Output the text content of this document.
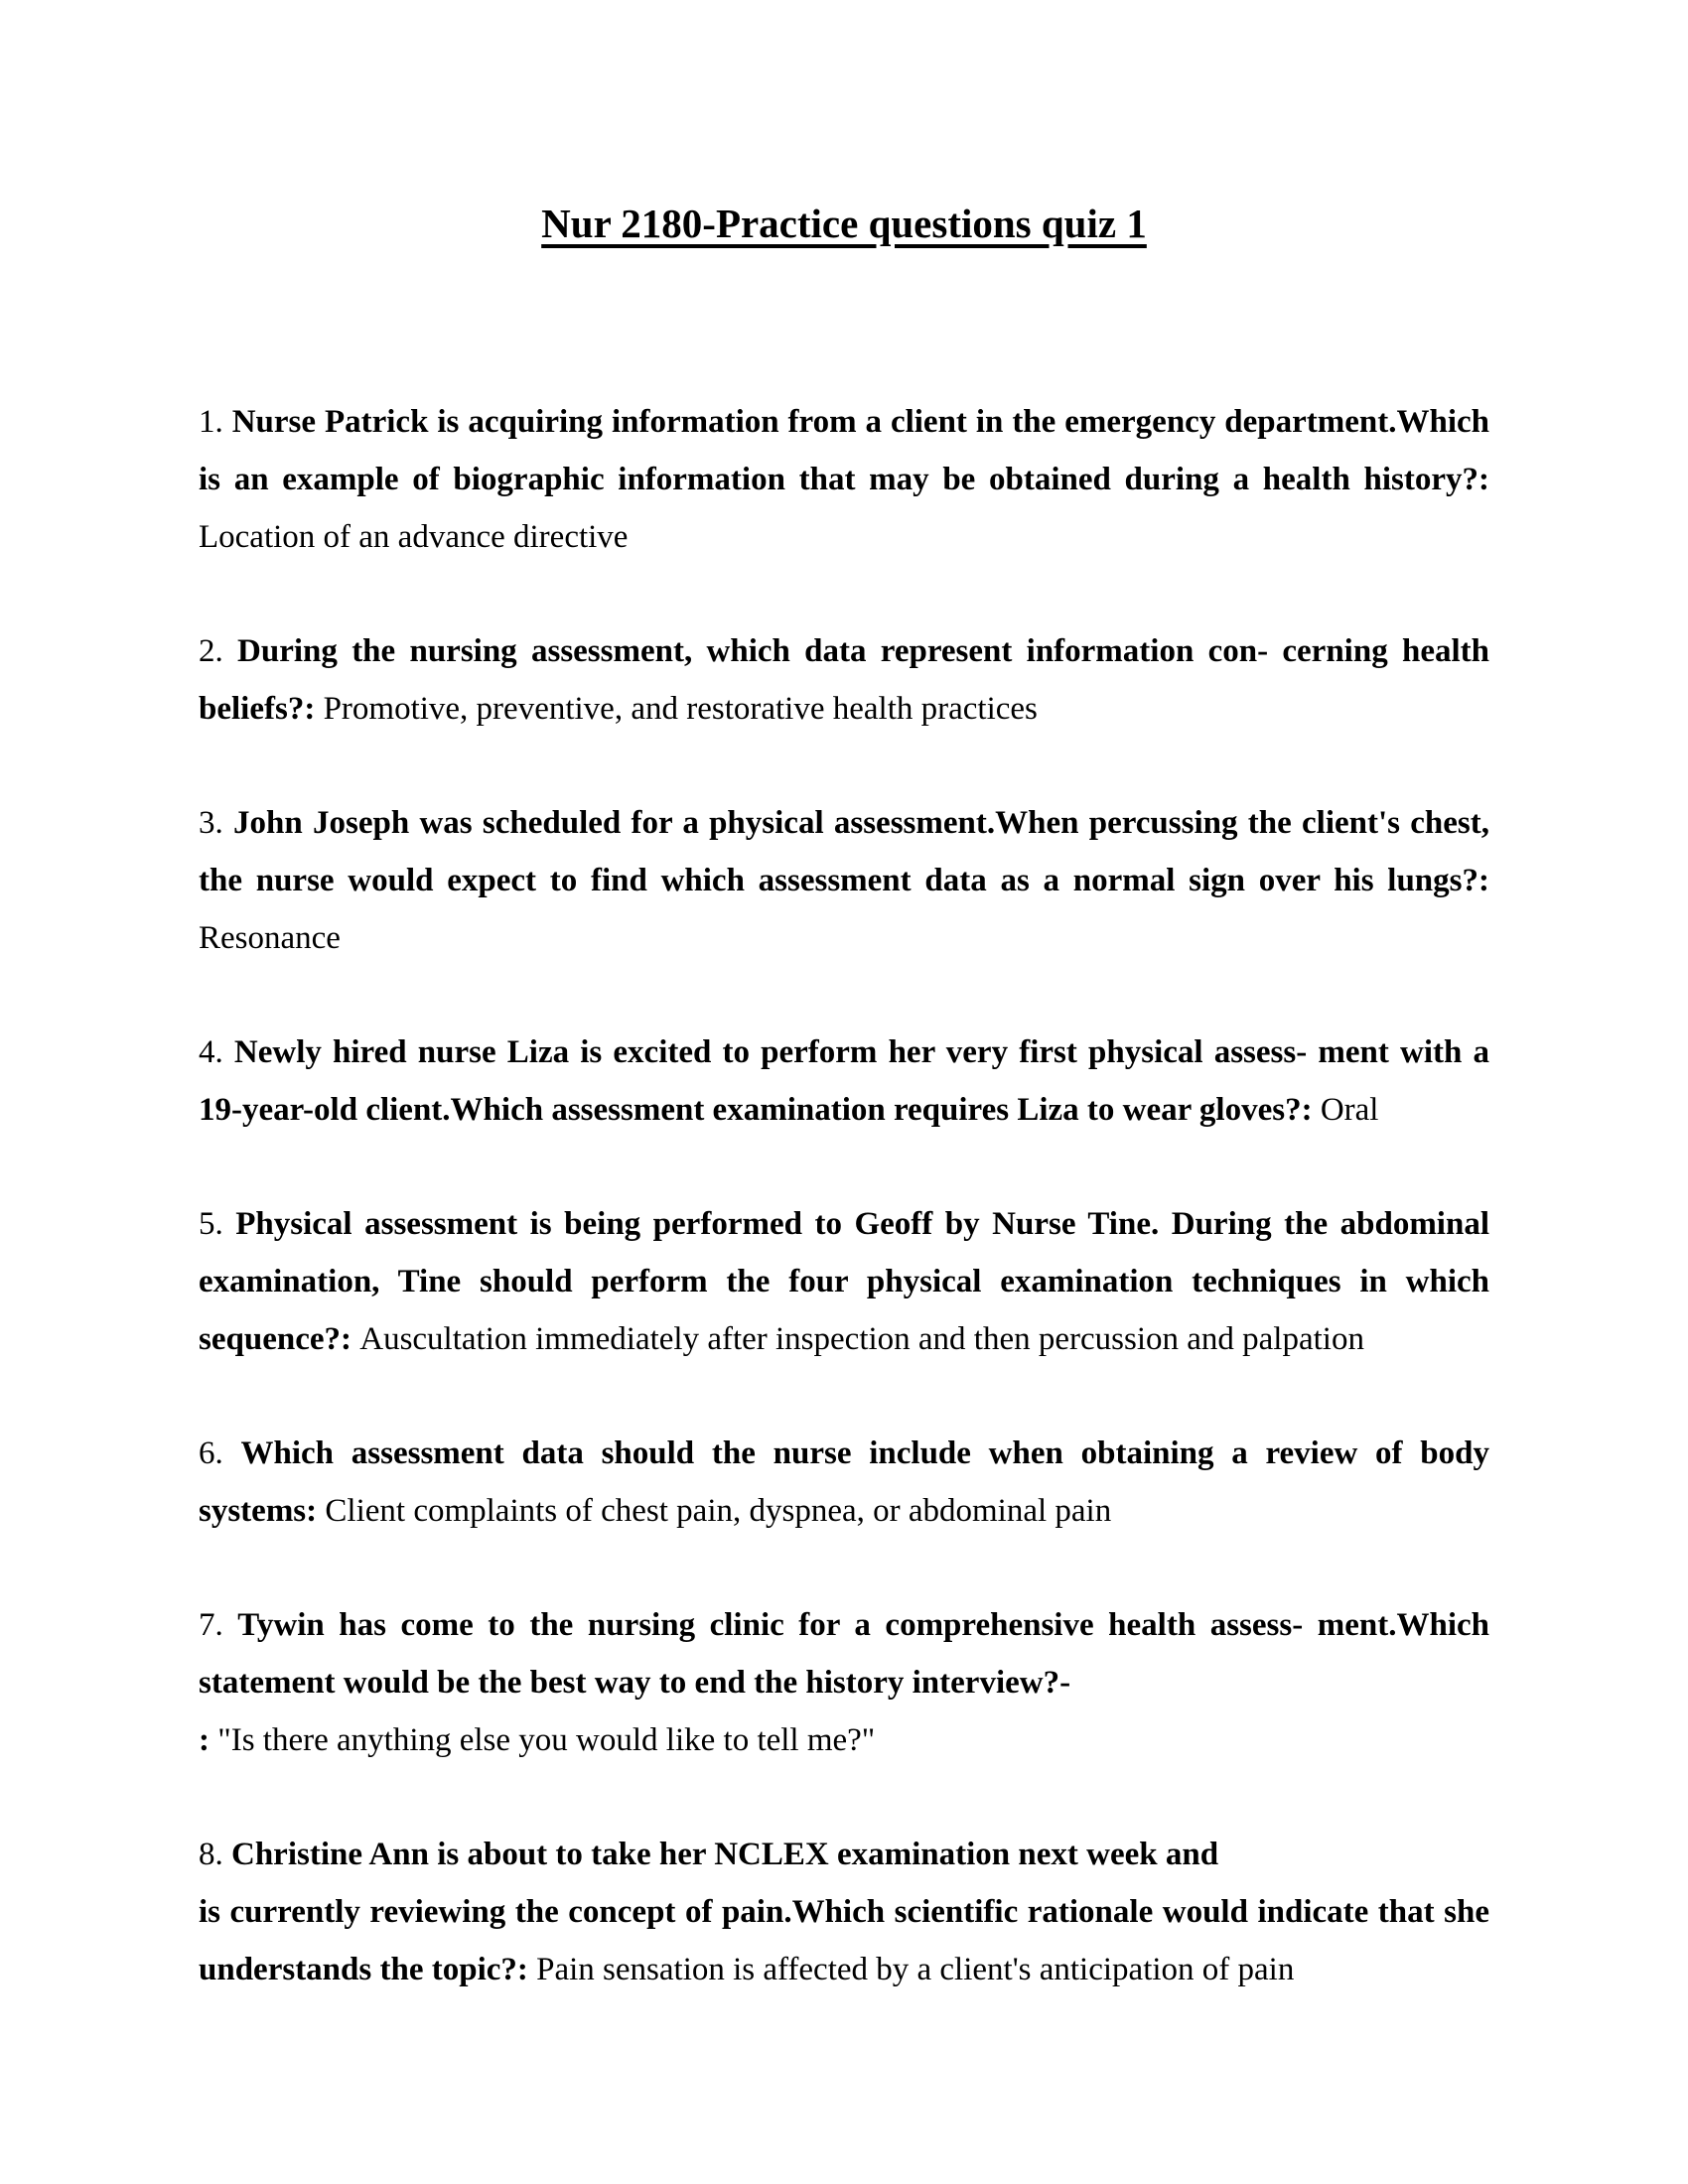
Nur 2180-Practice questions quiz 1

1. Nurse Patrick is acquiring information from a client in the emergency department.Which is an example of biographic information that may be obtained during a health history?: Location of an advance directive

2. During the nursing assessment, which data represent information con- cerning health beliefs?: Promotive, preventive, and restorative health practices

3. John Joseph was scheduled for a physical assessment.When percussing the client's chest, the nurse would expect to find which assessment data as a normal sign over his lungs?: Resonance

4. Newly hired nurse Liza is excited to perform her very first physical assess- ment with a 19-year-old client.Which assessment examination requires Liza to wear gloves?: Oral

5. Physical assessment is being performed to Geoff by Nurse Tine. During the abdominal examination, Tine should perform the four physical examination techniques in which sequence?: Auscultation immediately after inspection and then percussion and palpation

6. Which assessment data should the nurse include when obtaining a review of body systems: Client complaints of chest pain, dyspnea, or abdominal pain

7. Tywin has come to the nursing clinic for a comprehensive health assess- ment.Which statement would be the best way to end the history interview?-
: "Is there anything else you would like to tell me?"

8. Christine Ann is about to take her NCLEX examination next week and
is currently reviewing the concept of pain.Which scientific rationale would indicate that she understands the topic?: Pain sensation is affected by a client's anticipation of pain
